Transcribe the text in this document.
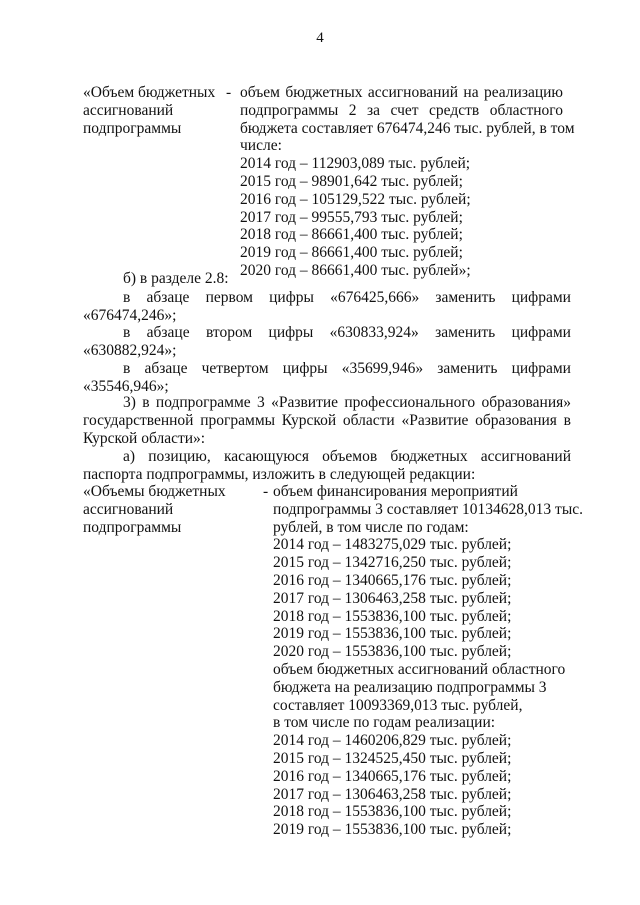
4
«Объем бюджетных
ассигнований
подпрограммы
- объем бюджетных ассигнований на реализацию
подпрограммы 2 за счет средств областного
бюджета составляет 676474,246 тыс. рублей, в том
числе:
2014 год – 112903,089 тыс. рублей;
2015 год – 98901,642 тыс. рублей;
2016 год – 105129,522 тыс. рублей;
2017 год – 99555,793 тыс. рублей;
2018 год – 86661,400 тыс. рублей;
2019 год – 86661,400 тыс. рублей;
2020 год – 86661,400 тыс. рублей»;
б) в разделе 2.8:
в абзаце первом цифры «676425,666» заменить цифрами
«676474,246»;
в абзаце втором цифры «630833,924» заменить цифрами
«630882,924»;
в абзаце четвертом цифры «35699,946» заменить цифрами
«35546,946»;
3) в подпрограмме 3 «Развитие профессионального образования»
государственной программы Курской области «Развитие образования в
Курской области»:
а) позицию, касающуюся объемов бюджетных ассигнований
паспорта подпрограммы, изложить в следующей редакции:
«Объемы бюджетных
ассигнований
подпрограммы
- объем финансирования мероприятий
подпрограммы 3 составляет 10134628,013 тыс.
рублей, в том числе по годам:
2014 год – 1483275,029 тыс. рублей;
2015 год – 1342716,250 тыс. рублей;
2016 год – 1340665,176 тыс. рублей;
2017 год – 1306463,258 тыс. рублей;
2018 год – 1553836,100 тыс. рублей;
2019 год – 1553836,100 тыс. рублей;
2020 год – 1553836,100 тыс. рублей;
объем бюджетных ассигнований областного
бюджета на реализацию подпрограммы 3
составляет 10093369,013 тыс. рублей,
в том числе по годам реализации:
2014 год – 1460206,829 тыс. рублей;
2015 год – 1324525,450 тыс. рублей;
2016 год – 1340665,176 тыс. рублей;
2017 год – 1306463,258 тыс. рублей;
2018 год – 1553836,100 тыс. рублей;
2019 год – 1553836,100 тыс. рублей;
